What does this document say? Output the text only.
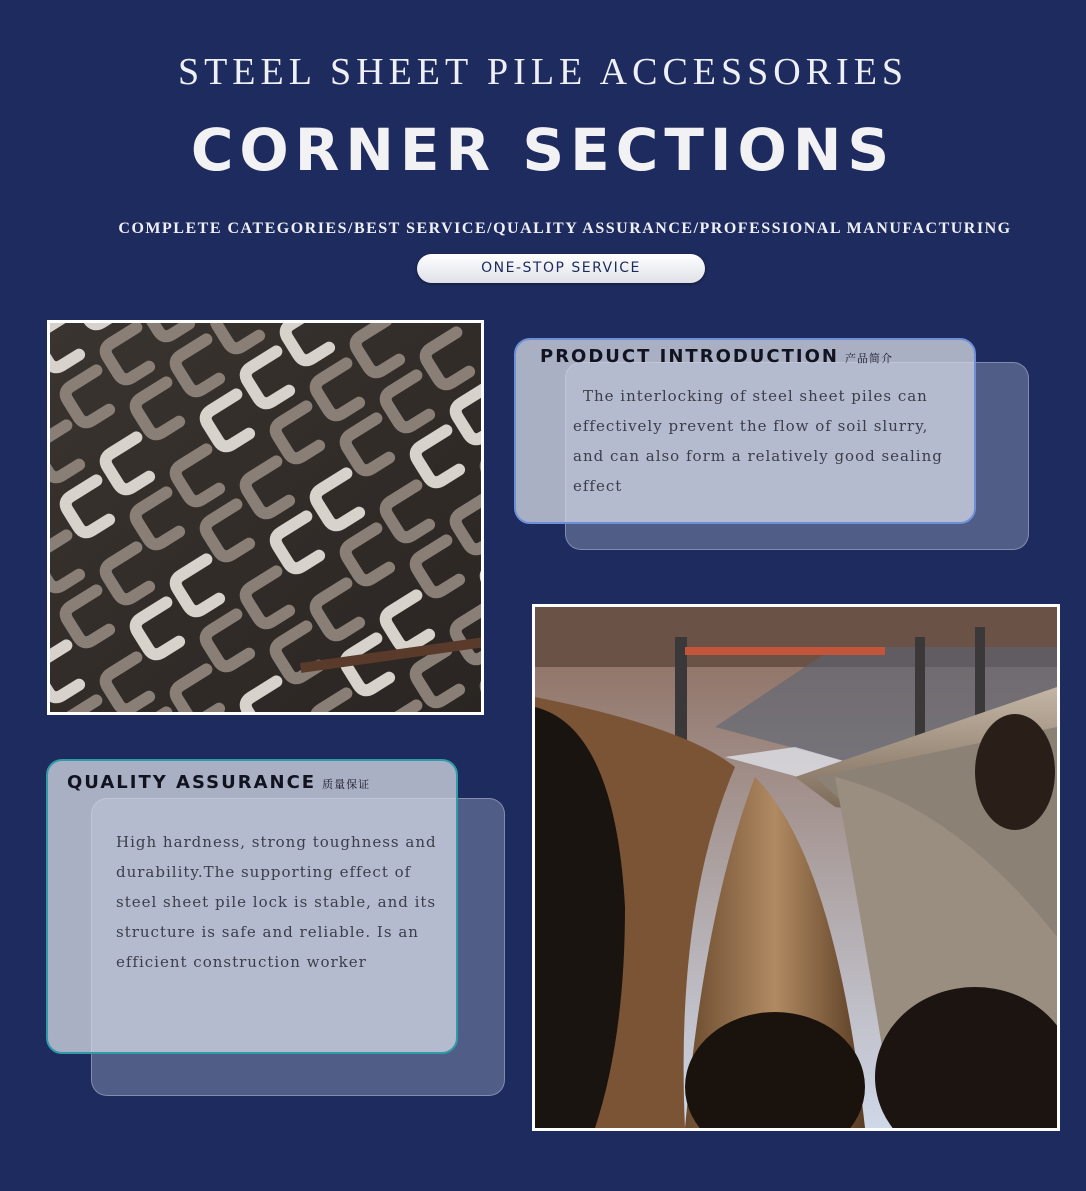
STEEL SHEET PILE ACCESSORIES
CORNER SECTIONS
COMPLETE CATEGORIES/BEST SERVICE/QUALITY ASSURANCE/PROFESSIONAL MANUFACTURING
ONE-STOP SERVICE
PRODUCT INTRODUCTION 产品简介
The interlocking of steel sheet piles can effectively prevent the flow of soil slurry, and can also form a relatively good sealing effect
QUALITY ASSURANCE 质量保证
High hardness, strong toughness and durability.The supporting effect of steel sheet pile lock is stable, and its structure is safe and reliable. Is an efficient construction worker
